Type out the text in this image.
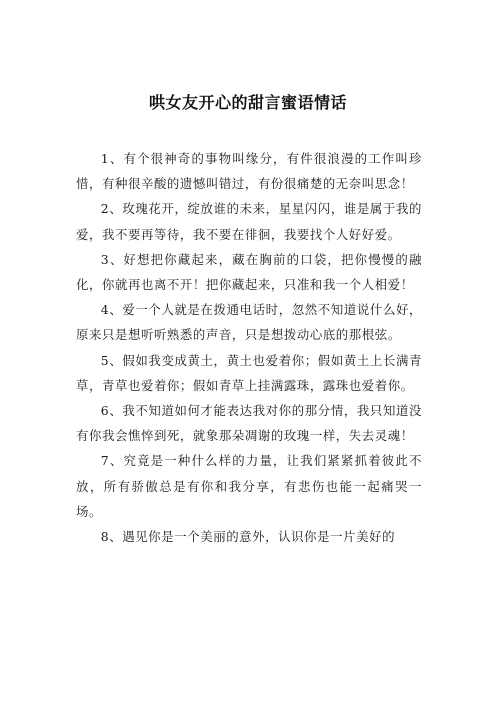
哄女友开心的甜言蜜语情话

1、有个很神奇的事物叫缘分，有件很浪漫的工作叫珍惜，有种很辛酸的遗憾叫错过，有份很痛楚的无奈叫思念！

2、玫瑰花开，绽放谁的未来，星星闪闪，谁是属于我的爱，我不要再等待，我不要在徘徊，我要找个人好好爱。

3、好想把你藏起来，藏在胸前的口袋，把你慢慢的融化，你就再也离不开！把你藏起来，只准和我一个人相爱！

4、爱一个人就是在拨通电话时，忽然不知道说什么好，原来只是想听听熟悉的声音，只是想拨动心底的那根弦。

5、假如我变成黄土，黄土也爱着你；假如黄土上长满青草，青草也爱着你；假如青草上挂满露珠，露珠也爱着你。

6、我不知道如何才能表达我对你的那分情，我只知道没有你我会憔悴到死，就象那朵凋谢的玫瑰一样，失去灵魂！

7、究竟是一种什么样的力量，让我们紧紧抓着彼此不放，所有骄傲总是有你和我分享，有悲伤也能一起痛哭一场。

8、遇见你是一个美丽的意外，认识你是一片美好的
